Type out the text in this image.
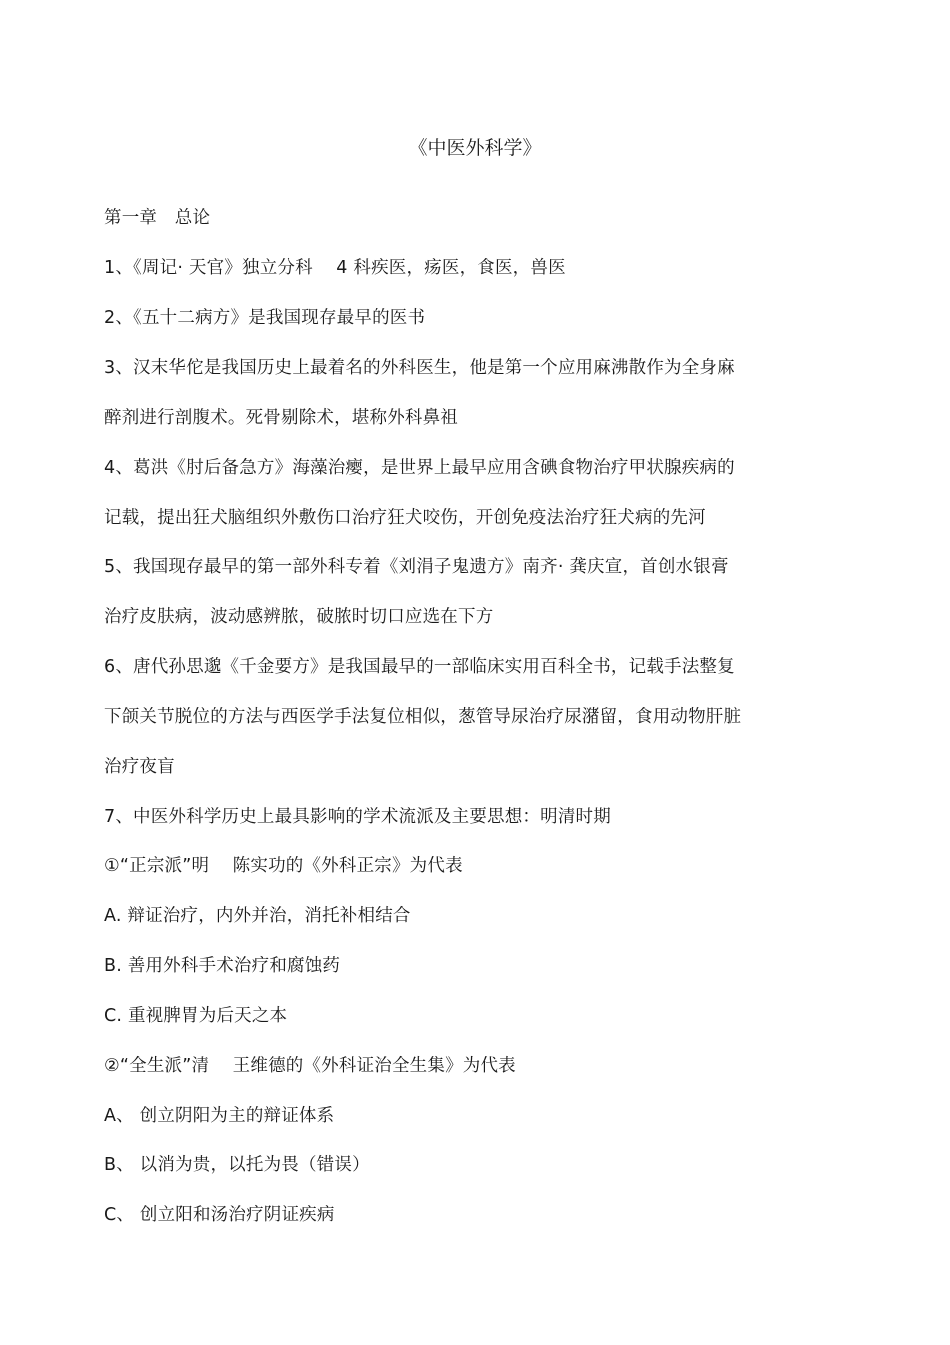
《中医外科学》
第一章　总论
1、《周记· 天官》独立分科　 4 科疾医，疡医，食医，兽医
2、《五十二病方》是我国现存最早的医书
3、汉末华佗是我国历史上最着名的外科医生，他是第一个应用麻沸散作为全身麻
醉剂进行剖腹术。死骨剔除术，堪称外科鼻祖
4、葛洪《肘后备急方》海藻治瘿，是世界上最早应用含碘食物治疗甲状腺疾病的
记载，提出狂犬脑组织外敷伤口治疗狂犬咬伤，开创免疫法治疗狂犬病的先河
5、我国现存最早的第一部外科专着《刘涓子鬼遗方》南齐· 龚庆宣，首创水银膏
治疗皮肤病，波动感辨脓，破脓时切口应选在下方
6、唐代孙思邈《千金要方》是我国最早的一部临床实用百科全书，记载手法整复
下颌关节脱位的方法与西医学手法复位相似，葱管导尿治疗尿潴留，食用动物肝脏
治疗夜盲
7、中医外科学历史上最具影响的学术流派及主要思想：明清时期
①“正宗派”明　 陈实功的《外科正宗》为代表
A. 辩证治疗，内外并治，消托补相结合
B. 善用外科手术治疗和腐蚀药
C. 重视脾胃为后天之本
②“全生派”清　 王维德的《外科证治全生集》为代表
A、 创立阴阳为主的辩证体系
B、 以消为贵，以托为畏（错误）
C、 创立阳和汤治疗阴证疾病
